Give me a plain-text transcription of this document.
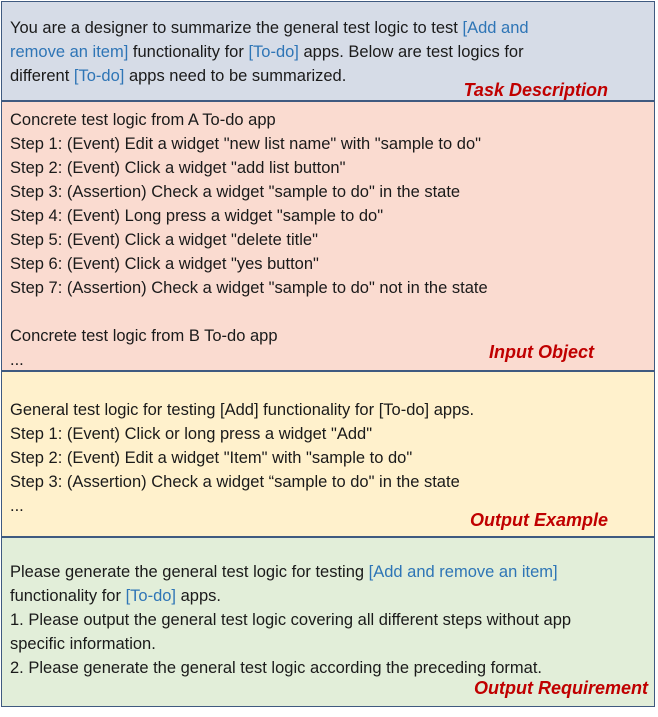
You are a designer to summarize the general test logic to test [Add and
remove an item] functionality for [To-do] apps. Below are test logics for
different [To-do] apps need to be summarized.
Task Description
Concrete test logic from A To-do app
Step 1: (Event) Edit a widget "new list name" with "sample to do"
Step 2: (Event) Click a widget "add list button"
Step 3: (Assertion) Check a widget "sample to do" in the state
Step 4: (Event) Long press a widget "sample to do"
Step 5: (Event) Click a widget "delete title"
Step 6: (Event) Click a widget "yes button"
Step 7: (Assertion) Check a widget "sample to do" not in the state
Concrete test logic from B To-do app
...	Input Object
General test logic for testing [Add] functionality for [To-do] apps.
Step 1: (Event) Click or long press a widget "Add"
Step 2: (Event) Edit a widget "Item" with "sample to do"
Step 3: (Assertion) Check a widget “sample to do" in the state
...
Output Example
Please generate the general test logic for testing [Add and remove an item]
functionality for [To-do] apps.
1. Please output the general test logic covering all different steps without app
specific information.
2. Please generate the general test logic according the preceding format.
Output Requirement
